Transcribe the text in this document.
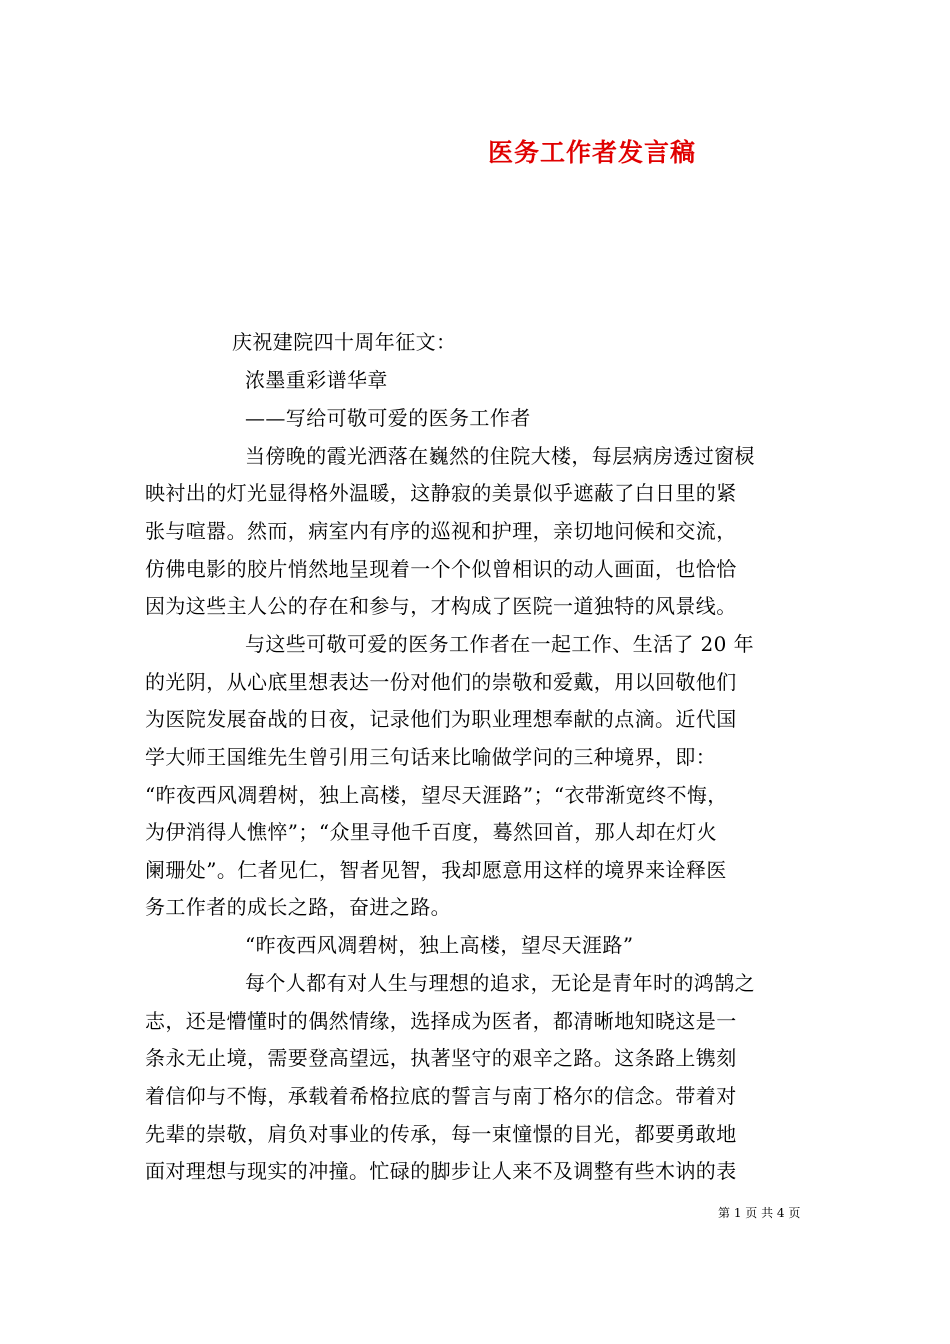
医务工作者发言稿
庆祝建院四十周年征文：
浓墨重彩谱华章
——写给可敬可爱的医务工作者
当傍晚的霞光洒落在巍然的住院大楼，每层病房透过窗棂
映衬出的灯光显得格外温暖，这静寂的美景似乎遮蔽了白日里的紧
张与喧嚣。然而，病室内有序的巡视和护理，亲切地问候和交流，
仿佛电影的胶片悄然地呈现着一个个似曾相识的动人画面，也恰恰
因为这些主人公的存在和参与，才构成了医院一道独特的风景线。
与这些可敬可爱的医务工作者在一起工作、生活了 20 年
的光阴，从心底里想表达一份对他们的崇敬和爱戴，用以回敬他们
为医院发展奋战的日夜，记录他们为职业理想奉献的点滴。近代国
学大师王国维先生曾引用三句话来比喻做学问的三种境界，即：
“昨夜西风凋碧树，独上高楼，望尽天涯路”；“衣带渐宽终不悔，
为伊消得人憔悴”；“众里寻他千百度，蓦然回首，那人却在灯火
阑珊处”。仁者见仁，智者见智，我却愿意用这样的境界来诠释医
务工作者的成长之路，奋进之路。
“昨夜西风凋碧树，独上高楼，望尽天涯路”
每个人都有对人生与理想的追求，无论是青年时的鸿鹄之
志，还是懵懂时的偶然情缘，选择成为医者，都清晰地知晓这是一
条永无止境，需要登高望远，执著坚守的艰辛之路。这条路上镌刻
着信仰与不悔，承载着希格拉底的誓言与南丁格尔的信念。带着对
先辈的崇敬，肩负对事业的传承，每一束憧憬的目光，都要勇敢地
面对理想与现实的冲撞。忙碌的脚步让人来不及调整有些木讷的表
第 1 页 共 4 页
